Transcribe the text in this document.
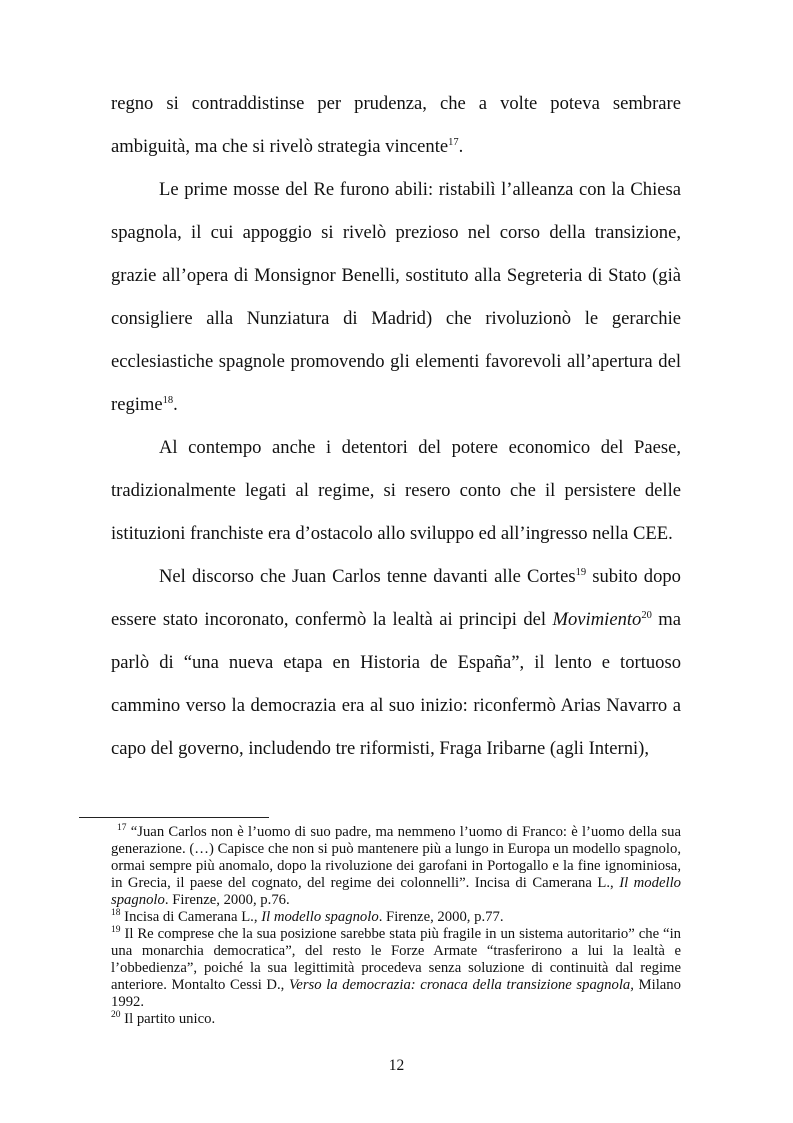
regno si contraddistinse per prudenza, che a volte poteva sembrare ambiguità, ma che si rivelò strategia vincente$^{17}$.

Le prime mosse del Re furono abili: ristabilì l’alleanza con la Chiesa spagnola, il cui appoggio si rivelò prezioso nel corso della transizione, grazie all’opera di Monsignor Benelli, sostituto alla Segreteria di Stato (già consigliere alla Nunziatura di Madrid) che rivoluzionò le gerarchie ecclesiastiche spagnole promovendo gli elementi favorevoli all’apertura del regime$^{18}$.

Al contempo anche i detentori del potere economico del Paese, tradizionalmente legati al regime, si resero conto che il persistere delle istituzioni franchiste era d’ostacolo allo sviluppo ed all’ingresso nella CEE.

Nel discorso che Juan Carlos tenne davanti alle Cortes$^{19}$ subito dopo essere stato incoronato, confermò la lealtà ai principi del Movimiento$^{20}$ ma parlò di “una nueva etapa en Historia de España”, il lento e tortuoso cammino verso la democrazia era al suo inizio: riconfermò Arias Navarro a capo del governo, includendo tre riformisti, Fraga Iribarne (agli Interni),

$^{17}$ “Juan Carlos non è l’uomo di suo padre, ma nemmeno l’uomo di Franco: è l’uomo della sua generazione. (…) Capisce che non si può mantenere più a lungo in Europa un modello spagnolo, ormai sempre più anomalo, dopo la rivoluzione dei garofani in Portogallo e la fine ignominiosa, in Grecia, il paese del cognato, del regime dei colonnelli”. Incisa di Camerana L., Il modello spagnolo. Firenze, 2000, p.76.

$^{18}$ Incisa di Camerana L., Il modello spagnolo. Firenze, 2000, p.77.

$^{19}$ Il Re comprese che la sua posizione sarebbe stata più fragile in un sistema autoritario” che “in una monarchia democratica”, del resto le Forze Armate “trasferirono a lui la lealtà e l’obbedienza”, poiché la sua legittimità procedeva senza soluzione di continuità dal regime anteriore. Montalto Cessi D., Verso la democrazia: cronaca della transizione spagnola, Milano 1992.

$^{20}$ Il partito unico.

12
